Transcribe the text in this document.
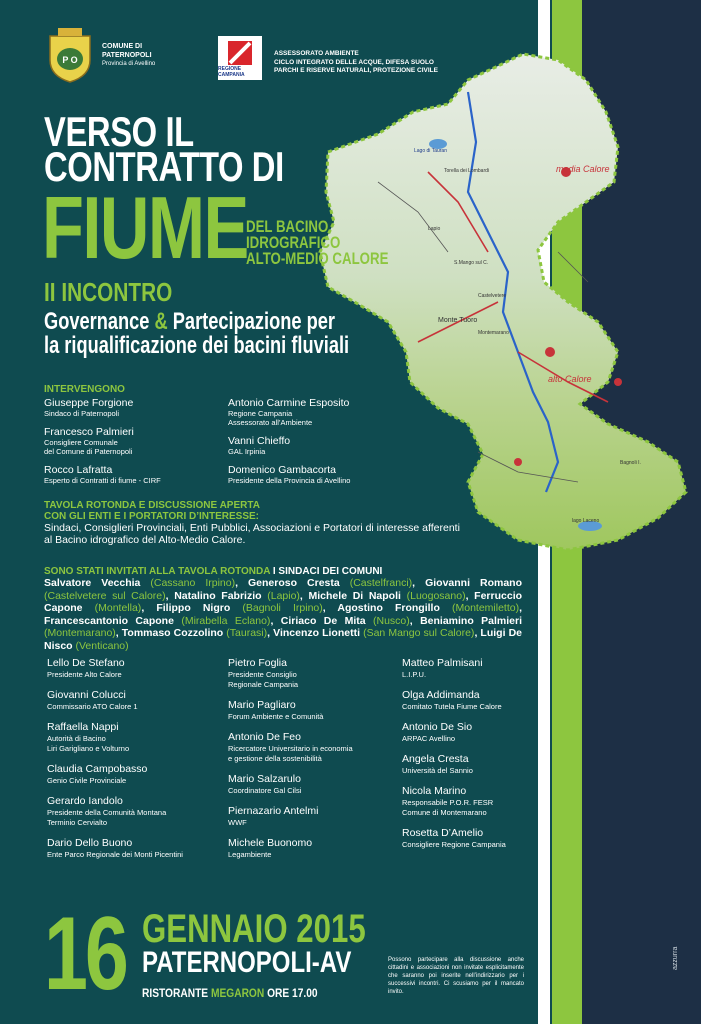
media Calore
Lago di Tauran
alto Calore
Monte Tuoro
lago Laceno
Castelvetere
Montemarano
Torella dei Lombardi
Lapio
S.Mango sul C.
Bagnoli I.
P O
COMUNE DI
PATERNOPOLI
Provincia di Avellino
REGIONE CAMPANIA
ASSESSORATO AMBIENTE
CICLO INTEGRATO DELLE ACQUE, DIFESA SUOLO
PARCHI E RISERVE NATURALI, PROTEZIONE CIVILE
VERSO IL
CONTRATTO DI
FIUME
DEL BACINO
IDROGRAFICO
ALTO-MEDIO CALORE
II INCONTRO
Governance & Partecipazione per
la riqualificazione dei bacini fluviali
INTERVENGONO
Giuseppe Forgione
Sindaco di Paternopoli
Francesco Palmieri
Consigliere Comunale
del Comune di Paternopoli
Rocco Lafratta
Esperto di Contratti di fiume - CIRF
Antonio Carmine Esposito
Regione Campania
Assessorato all’Ambiente
Vanni Chieffo
GAL Irpinia
Domenico Gambacorta
Presidente della Provincia di Avellino
TAVOLA ROTONDA E DISCUSSIONE APERTA
CON GLI ENTI E I PORTATORI D’INTERESSE:
Sindaci, Consiglieri Provinciali, Enti Pubblici, Associazioni e Portatori di interesse afferenti al Bacino idrografico del Alto-Medio Calore.
SONO STATI INVITATI ALLA TAVOLA ROTONDA I SINDACI DEI COMUNI
Salvatore Vecchia (Cassano Irpino), Generoso Cresta (Castelfranci), Giovanni Romano (Castelvetere sul Calore), Natalino Fabrizio (Lapio), Michele Di Napoli (Luogosano), Ferruccio Capone (Montella), Filippo Nigro (Bagnoli Irpino), Agostino Frongillo (Montemiletto), Francescantonio Capone (Mirabella Eclano), Ciriaco De Mita (Nusco), Beniamino Palmieri (Montemarano), Tommaso Cozzolino (Taurasi), Vincenzo Lionetti (San Mango sul Calore), Luigi De Nisco (Venticano)
Lello De Stefano
Presidente Alto Calore
Giovanni Colucci
Commissario ATO Calore 1
Raffaella Nappi
Autorità di Bacino
Liri Garigliano e Volturno
Claudia Campobasso
Genio Civile Provinciale
Gerardo Iandolo
Presidente della Comunità Montana
Terminio Cervialto
Dario Dello Buono
Ente Parco Regionale dei Monti Picentini
Pietro Foglia
Presidente Consiglio
Regionale Campania
Mario Pagliaro
Forum Ambiente e Comunità
Antonio De Feo
Ricercatore Universitario in economia
e gestione della sostenibilità
Mario Salzarulo
Coordinatore Gal Cilsi
Piernazario Antelmi
WWF
Michele Buonomo
Legambiente
Matteo Palmisani
L.I.P.U.
Olga Addimanda
Comitato Tutela Fiume Calore
Antonio De Sio
ARPAC Avellino
Angela Cresta
Università del Sannio
Nicola Marino
Responsabile P.O.R. FESR
Comune di Montemarano
Rosetta D’Amelio
Consigliere Regione Campania
16 GENNAIO 2015
PATERNOPOLI-AV
RISTORANTE MEGARON ORE 17.00
Possono partecipare alla discussione anche cittadini e associazioni non invitate esplicitamente che saranno poi inserite nell’indirizzario per i successivi incontri. Ci scusiamo per il mancato invito.
azzurra
